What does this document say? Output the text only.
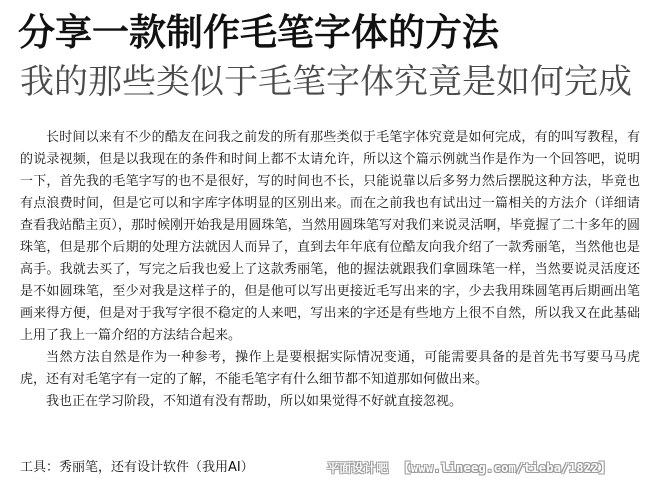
分享一款制作毛笔字体的方法
我的那些类似于毛笔字体究竟是如何完成

长时间以来有不少的酷友在问我之前发的所有那些类似于毛笔字体究竟是如何完成，有的叫写教程，有的说录视频，但是以我现在的条件和时间上都不太请允许，所以这个篇示例就当作是作为一个回答吧，说明一下，首先我的毛笔字写的也不是很好，写的时间也不长，只能说靠以后多努力然后摆脱这种方法，毕竟也有点浪费时间，但是它可以和字库字体明显的区别出来。而在之前我也有试出过一篇相关的方法介（详细请查看我站酷主页），那时候刚开始我是用圆珠笔，当然用圆珠笔写对我们来说灵活啊，毕竟握了二十多年的圆珠笔，但是那个后期的处理方法就因人而异了，直到去年年底有位酷友向我介绍了一款秀丽笔，当然他也是高手。我就去买了，写完之后我也爱上了这款秀丽笔，他的握法就跟我们拿圆珠笔一样，当然要说灵活度还是不如圆珠笔，至少对我是这样子的，但是他可以写出更接近毛写出来的字，少去我用珠圆笔再后期画出笔画来得方便，但是对于我写字很不稳定的人来吧，写出来的字还是有些地方上很不自然，所以我又在此基础上用了我上一篇介绍的方法结合起来。

当然方法自然是作为一种参考，操作上是要根据实际情况变通，可能需要具备的是首先书写要马马虎虎，还有对毛笔字有一定的了解，不能毛笔字有什么细节都不知道那如何做出来。

我也正在学习阶段，不知道有没有帮助，所以如果觉得不好就直接忽视。

工具：秀丽笔，还有设计软件（我用AI）	平面设计吧 【www.lineeg.com/tieba/1822】
